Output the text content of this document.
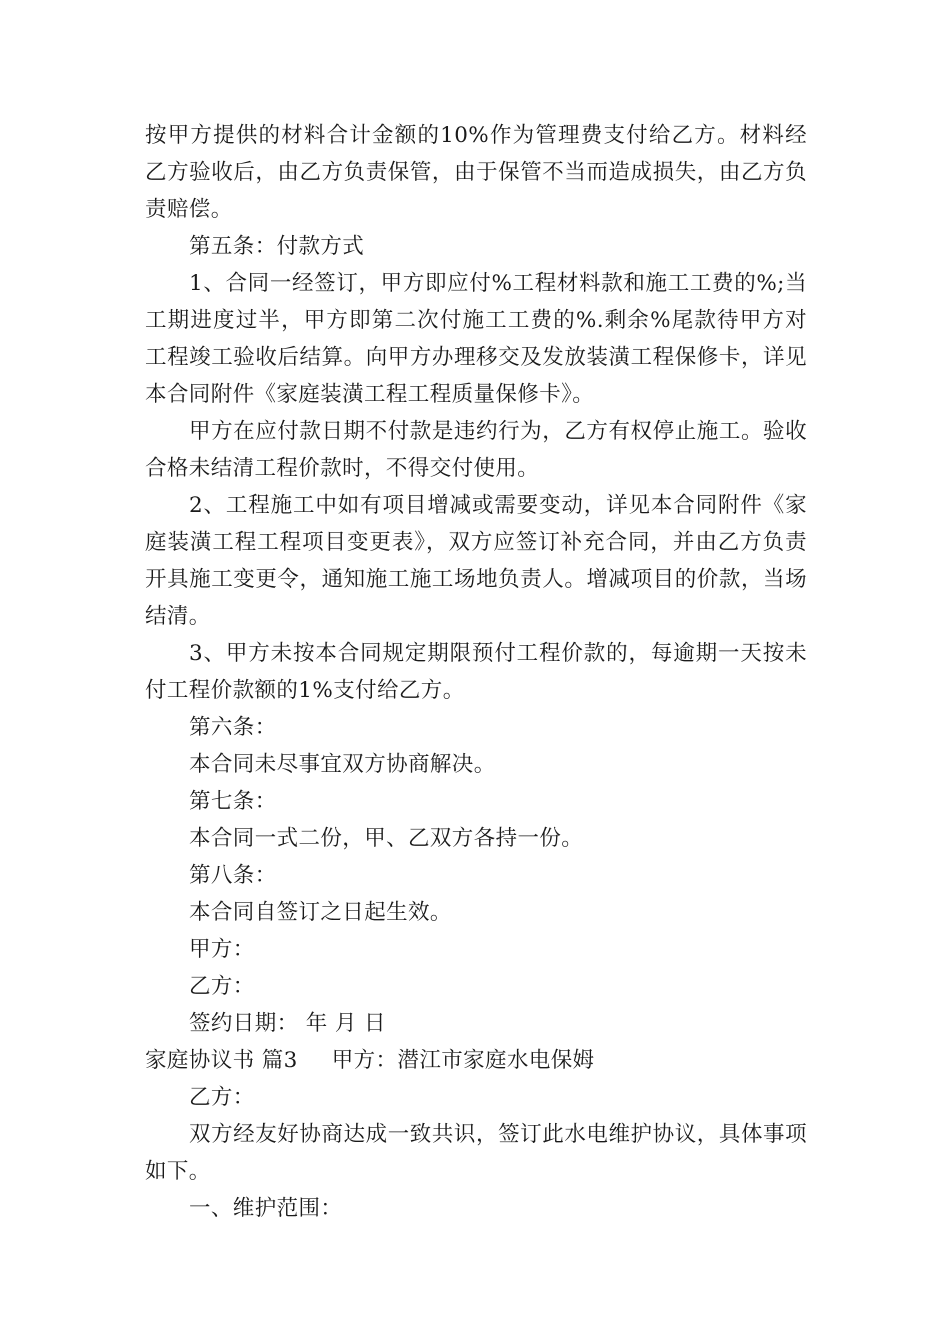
按甲方提供的材料合计金额的10%作为管理费支付给乙方。材料经乙方验收后，由乙方负责保管，由于保管不当而造成损失，由乙方负责赔偿。

第五条：付款方式

1、合同一经签订，甲方即应付%工程材料款和施工工费的%;当工期进度过半，甲方即第二次付施工工费的%.剩余%尾款待甲方对工程竣工验收后结算。向甲方办理移交及发放装潢工程保修卡，详见本合同附件《家庭装潢工程工程质量保修卡》。

甲方在应付款日期不付款是违约行为，乙方有权停止施工。验收合格未结清工程价款时，不得交付使用。

2、工程施工中如有项目增减或需要变动，详见本合同附件《家庭装潢工程工程项目变更表》，双方应签订补充合同，并由乙方负责开具施工变更令，通知施工施工场地负责人。增减项目的价款，当场结清。

3、甲方未按本合同规定期限预付工程价款的，每逾期一天按未付工程价款额的1%支付给乙方。

第六条：

本合同未尽事宜双方协商解决。

第七条：

本合同一式二份，甲、乙双方各持一份。

第八条：

本合同自签订之日起生效。

甲方：

乙方：

签约日期： 年 月 日

家庭协议书 篇3 甲方：潜江市家庭水电保姆

乙方：

双方经友好协商达成一致共识，签订此水电维护协议，具体事项如下。

一、维护范围：
